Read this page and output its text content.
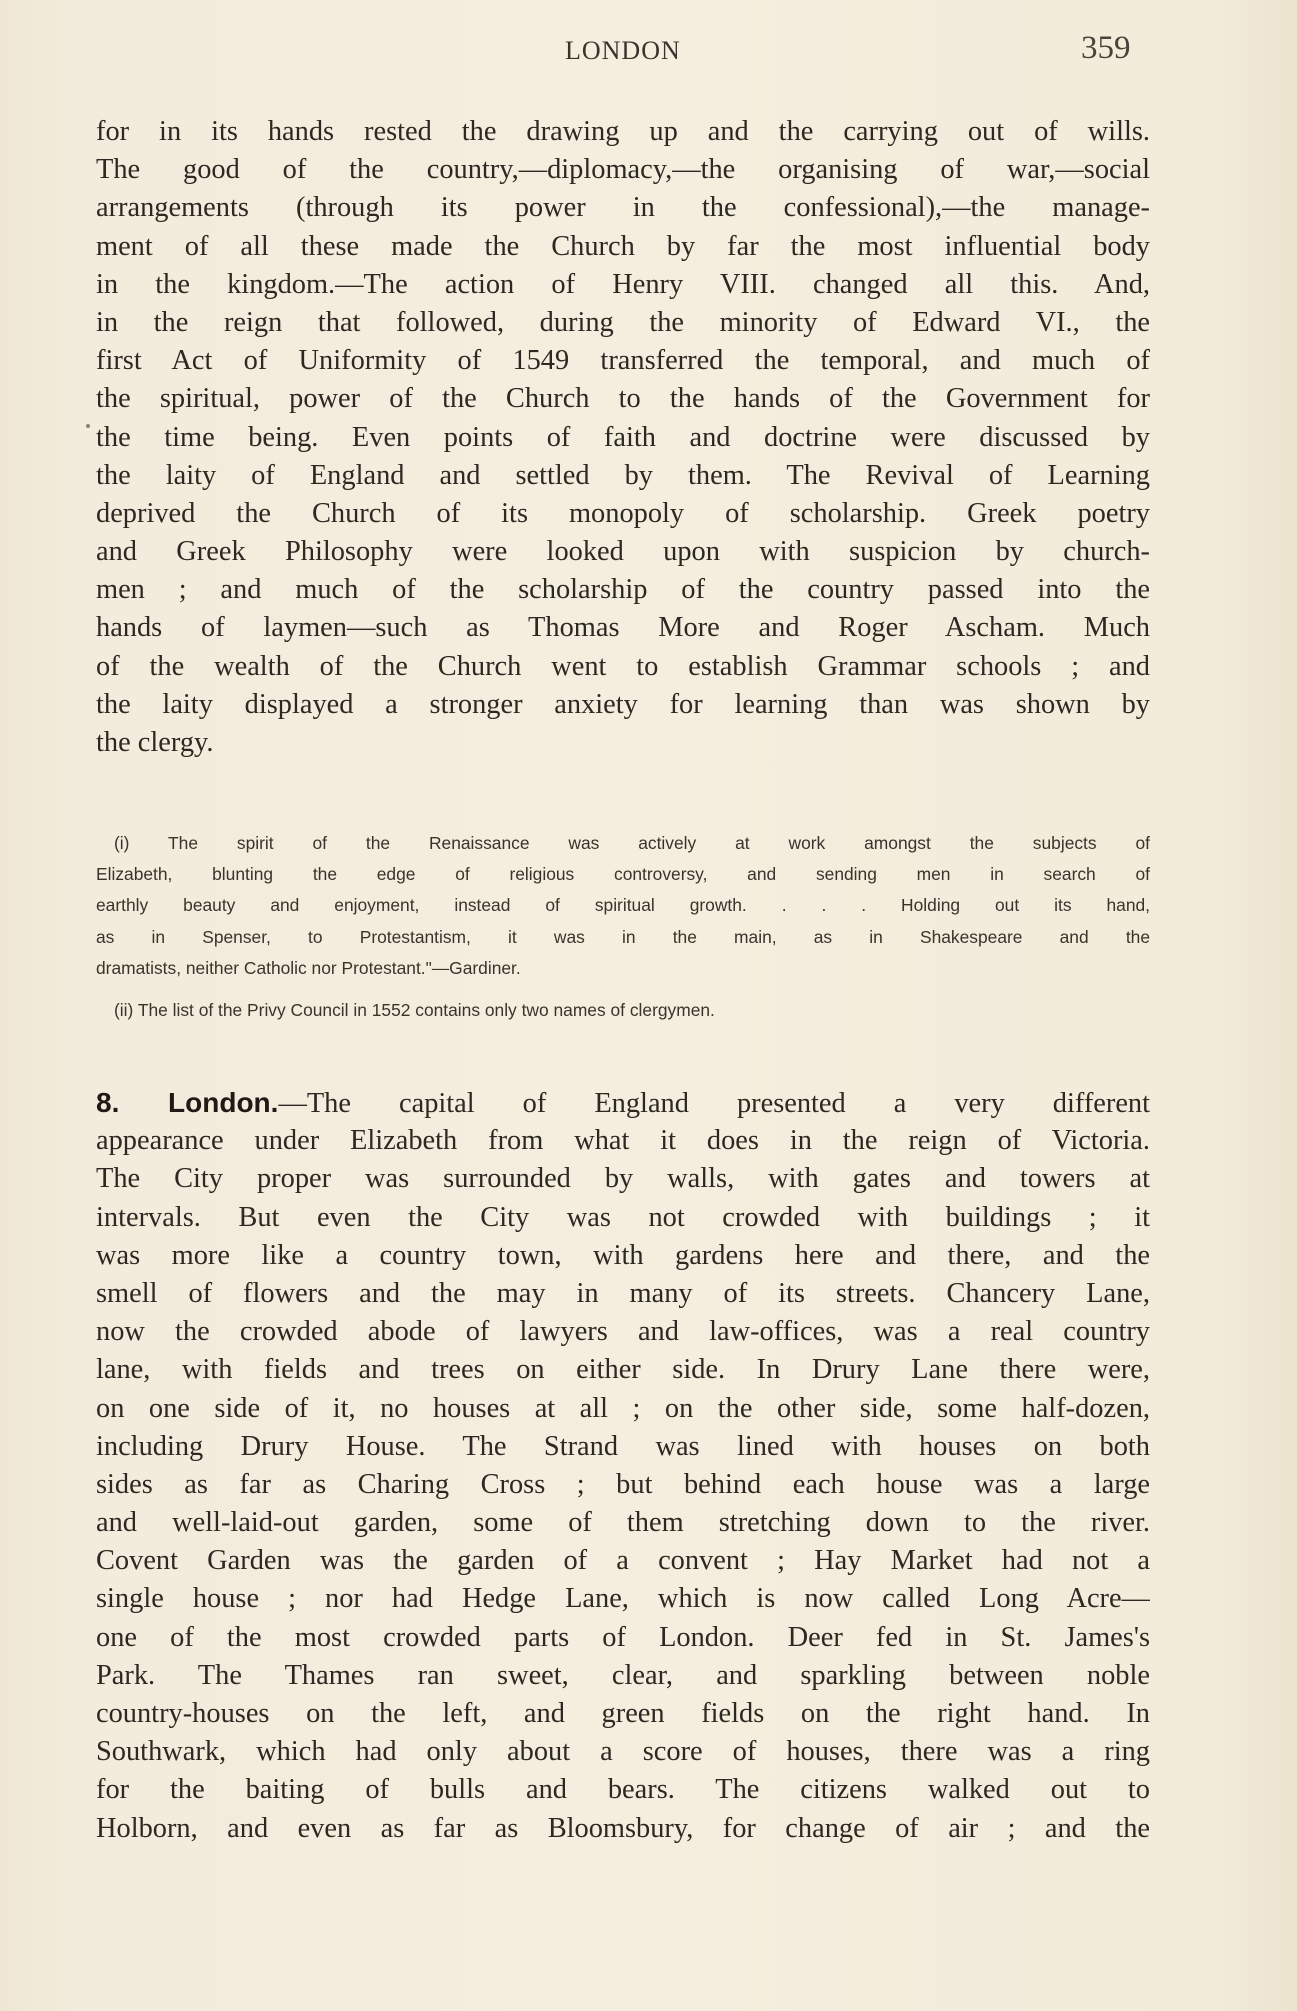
LONDON	359
for in its hands rested the drawing up and the carrying out of wills.
The good of the country,—diplomacy,—the organising of war,—social
arrangements (through its power in the confessional),—the manage-
ment of all these made the Church by far the most influential body
in the kingdom.—The action of Henry VIII. changed all this. And,
in the reign that followed, during the minority of Edward VI., the
first Act of Uniformity of 1549 transferred the temporal, and much of
the spiritual, power of the Church to the hands of the Government for
the time being. Even points of faith and doctrine were discussed by
the laity of England and settled by them. The Revival of Learning
deprived the Church of its monopoly of scholarship. Greek poetry
and Greek Philosophy were looked upon with suspicion by church-
men ; and much of the scholarship of the country passed into the
hands of laymen—such as Thomas More and Roger Ascham. Much
of the wealth of the Church went to establish Grammar schools ; and
the laity displayed a stronger anxiety for learning than was shown by
the clergy.
(i) The spirit of the Renaissance was actively at work amongst the subjects of
Elizabeth, blunting the edge of religious controversy, and sending men in search of
earthly beauty and enjoyment, instead of spiritual growth. . . . Holding out its hand,
as in Spenser, to Protestantism, it was in the main, as in Shakespeare and the
dramatists, neither Catholic nor Protestant."—Gardiner.
(ii) The list of the Privy Council in 1552 contains only two names of clergymen.
8. London.—The capital of England presented a very different
appearance under Elizabeth from what it does in the reign of Victoria.
The City proper was surrounded by walls, with gates and towers at
intervals. But even the City was not crowded with buildings ; it
was more like a country town, with gardens here and there, and the
smell of flowers and the may in many of its streets. Chancery Lane,
now the crowded abode of lawyers and law-offices, was a real country
lane, with fields and trees on either side. In Drury Lane there were,
on one side of it, no houses at all ; on the other side, some half-dozen,
including Drury House. The Strand was lined with houses on both
sides as far as Charing Cross ; but behind each house was a large
and well-laid-out garden, some of them stretching down to the river.
Covent Garden was the garden of a convent ; Hay Market had not a
single house ; nor had Hedge Lane, which is now called Long Acre—
one of the most crowded parts of London. Deer fed in St. James's
Park. The Thames ran sweet, clear, and sparkling between noble
country-houses on the left, and green fields on the right hand. In
Southwark, which had only about a score of houses, there was a ring
for the baiting of bulls and bears. The citizens walked out to
Holborn, and even as far as Bloomsbury, for change of air ; and the
